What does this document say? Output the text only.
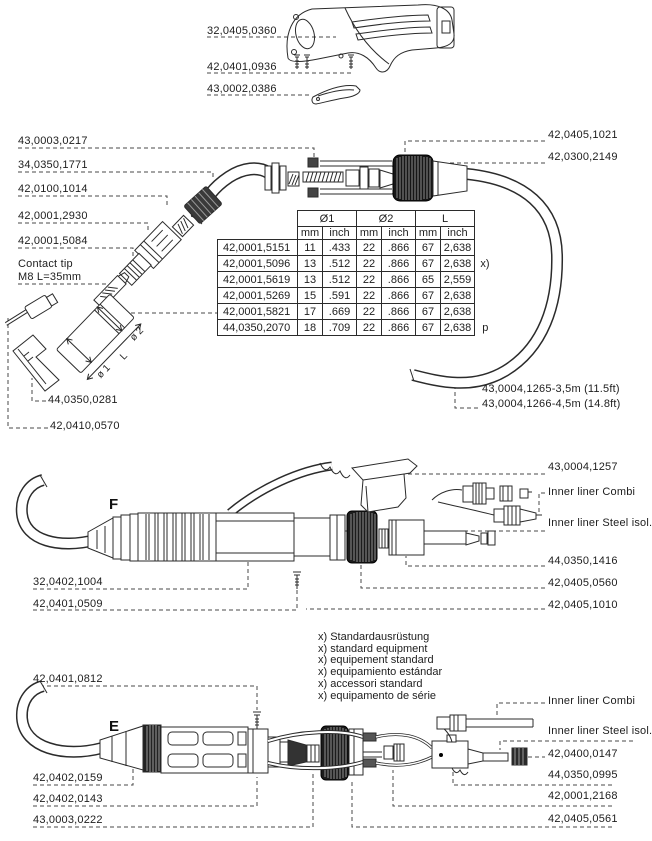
ø 2
ø 1
L
32,0405,0360
42,0401,0936
43,0002,0386
43,0003,0217
34,0350,1771
42,0100,1014
42,0001,2930
42,0001,5084
Contact tip
M8 L=35mm
44,0350,0281
42,0410,0570
42,0405,1021
42,0300,2149
43,0004,1265-3,5m (11.5ft)
43,0004,1266-4,5m (14.8ft)
	Ø1		Ø2		L		
	mm	inch	mm	inch	mm	inch	
42,0001,5151	11	.433	22	.866	67	2,638	
42,0001,5096	13	.512	22	.866	67	2,638	x)
42,0001,5619	13	.512	22	.866	65	2,559	
42,0001,5269	15	.591	22	.866	67	2,638	
42,0001,5821	17	.669	22	.866	67	2,638	
44,0350,2070	18	.709	22	.866	67	2,638	p
F
43,0004,1257
Inner liner Combi
Inner liner Steel isol.
44,0350,1416
42,0405,0560
42,0405,1010
32,0402,1004
42,0401,0509
x) Standardausrüstung
x) standard equipment
x) equipement standard
x) equipamiento estándar
x) accessori standard
x) equipamento de série
42,0401,0812
E
42,0402,0159
42,0402,0143
43,0003,0222
Inner liner Combi
Inner liner Steel isol.
42,0400,0147
44,0350,0995
42,0001,2168
42,0405,0561
